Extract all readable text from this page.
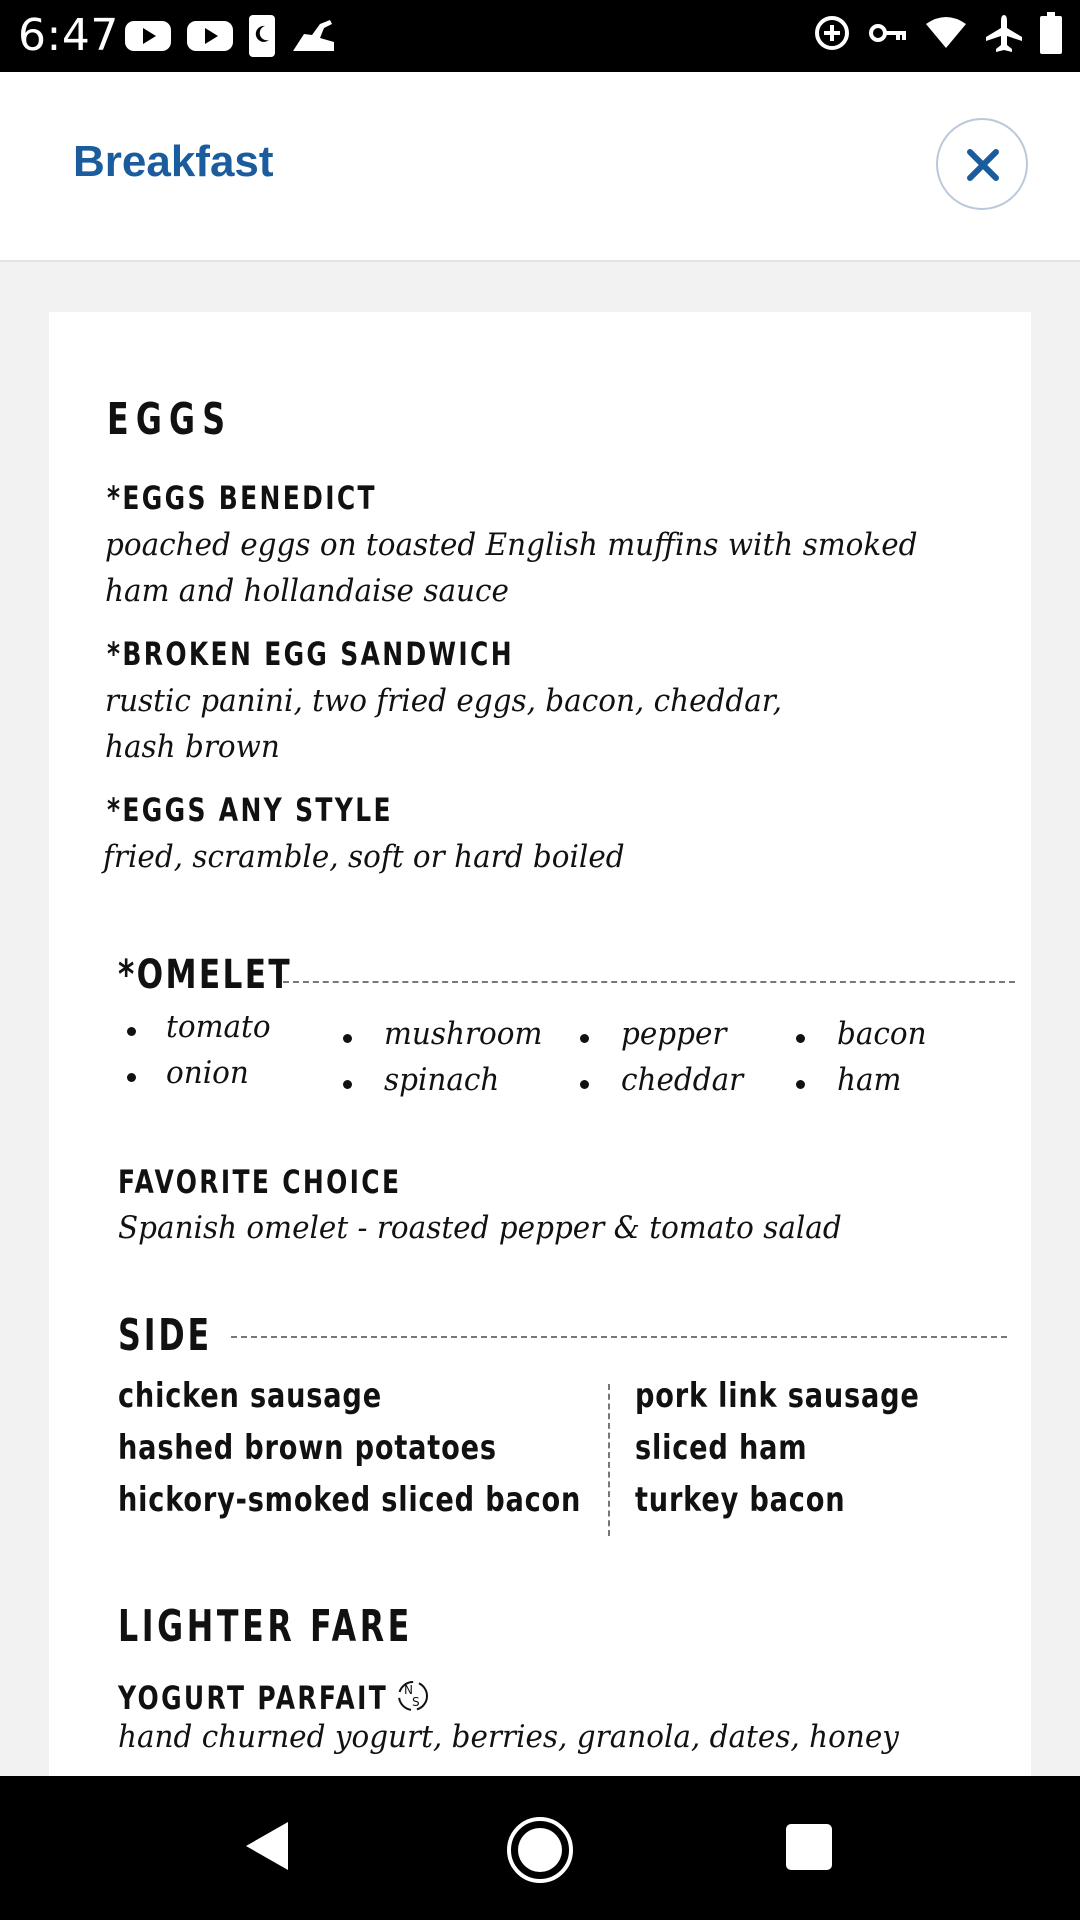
6:47
Breakfast
EGGS
*EGGS BENEDICT
poached eggs on toasted English muffins with smoked
ham and hollandaise sauce
*BROKEN EGG SANDWICH
rustic panini, two fried eggs, bacon, cheddar,
hash brown
*EGGS ANY STYLE
fried, scramble, soft or hard boiled
*OMELET
tomato
onion
mushroom
spinach
pepper
cheddar
bacon
ham
FAVORITE CHOICE
Spanish omelet - roasted pepper & tomato salad
SIDE
chicken sausage
hashed brown potatoes
hickory-smoked sliced bacon
pork link sausage
sliced ham
turkey bacon
LIGHTER FARE
YOGURT PARFAIT N
S
hand churned yogurt, berries, granola, dates, honey
